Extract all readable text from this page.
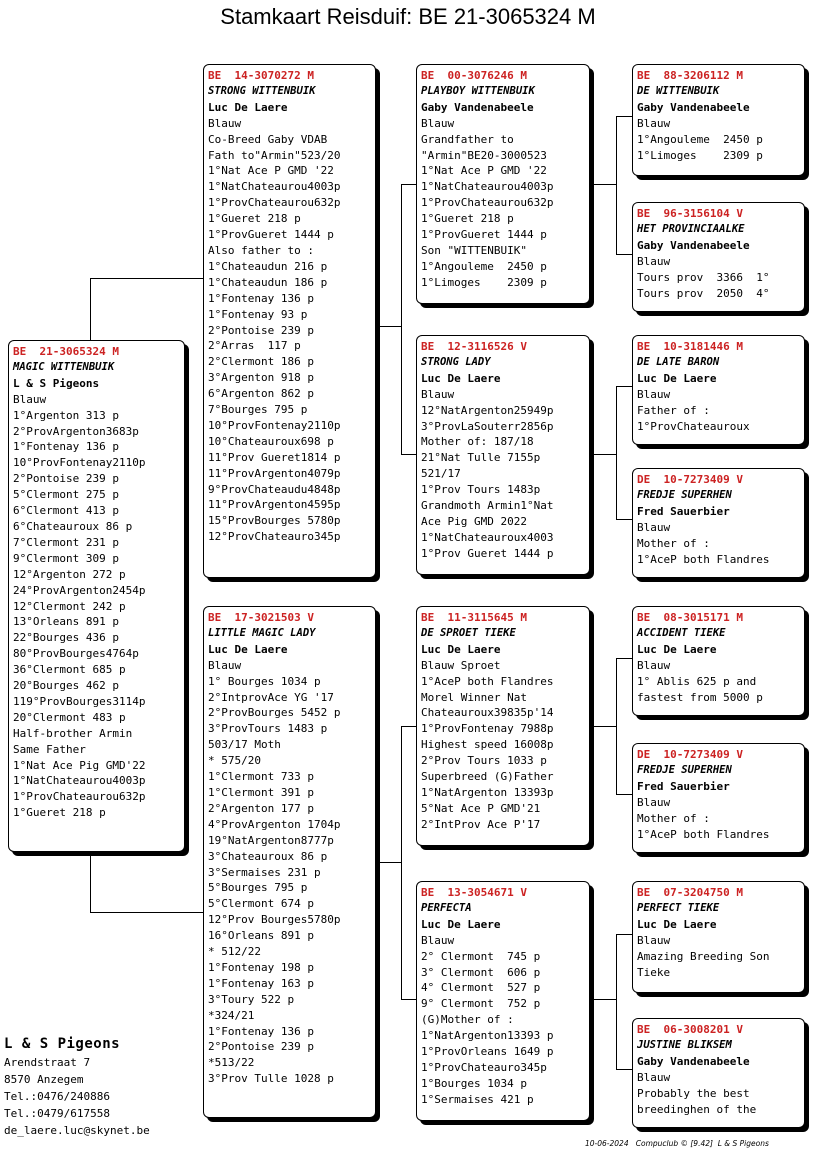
Stamkaart Reisduif: BE 21-3065324 M
BE  21-3065324 M
MAGIC WITTENBUIK
L & S Pigeons
Blauw
1°Argenton 313 p
2°ProvArgenton3683p
1°Fontenay 136 p
10°ProvFontenay2110p
2°Pontoise 239 p
5°Clermont 275 p
6°Clermont 413 p
6°Chateauroux 86 p
7°Clermont 231 p
9°Clermont 309 p
12°Argenton 272 p
24°ProvArgenton2454p
12°Clermont 242 p
13°Orleans 891 p
22°Bourges 436 p
80°ProvBourges4764p
36°Clermont 685 p
20°Bourges 462 p
119°ProvBourges3114p
20°Clermont 483 p
Half-brother Armin
Same Father
1°Nat Ace Pig GMD'22
1°NatChateaurou4003p
1°ProvChateaurou632p
1°Gueret 218 p
BE  14-3070272 M
STRONG WITTENBUIK
Luc De Laere
Blauw
Co-Breed Gaby VDAB
Fath to"Armin"523/20
1°Nat Ace P GMD '22
1°NatChateaurou4003p
1°ProvChateaurou632p
1°Gueret 218 p
1°ProvGueret 1444 p
Also father to :
1°Chateaudun 216 p
1°Chateaudun 186 p
1°Fontenay 136 p
1°Fontenay 93 p
2°Pontoise 239 p
2°Arras  117 p
2°Clermont 186 p
3°Argenton 918 p
6°Argenton 862 p
7°Bourges 795 p
10°ProvFontenay2110p
10°Chateauroux698 p
11°Prov Gueret1814 p
11°ProvArgenton4079p
9°ProvChateaudu4848p
11°ProvArgenton4595p
15°ProvBourges 5780p
12°ProvChateauro345p
BE  17-3021503 V
LITTLE MAGIC LADY
Luc De Laere
Blauw
1° Bourges 1034 p
2°IntprovAce YG '17
2°ProvBourges 5452 p
3°ProvTours 1483 p
503/17 Moth
* 575/20
1°Clermont 733 p
1°Clermont 391 p
2°Argenton 177 p
4°ProvArgenton 1704p
19°NatArgenton8777p
3°Chateauroux 86 p
3°Sermaises 231 p
5°Bourges 795 p
5°Clermont 674 p
12°Prov Bourges5780p
16°Orleans 891 p
* 512/22
1°Fontenay 198 p
1°Fontenay 163 p
3°Toury 522 p
*324/21
1°Fontenay 136 p
2°Pontoise 239 p
*513/22
3°Prov Tulle 1028 p
BE  00-3076246 M
PLAYBOY WITTENBUIK
Gaby Vandenabeele
Blauw
Grandfather to
"Armin"BE20-3000523
1°Nat Ace P GMD '22
1°NatChateaurou4003p
1°ProvChateaurou632p
1°Gueret 218 p
1°ProvGueret 1444 p
Son "WITTENBUIK"
1°Angouleme  2450 p
1°Limoges    2309 p
BE  12-3116526 V
STRONG LADY
Luc De Laere
Blauw
12°NatArgenton25949p
3°ProvLaSouterr2856p
Mother of: 187/18
21°Nat Tulle 7155p
521/17
1°Prov Tours 1483p
Grandmoth Armin1°Nat
Ace Pig GMD 2022
1°NatChateauroux4003
1°Prov Gueret 1444 p
BE  11-3115645 M
DE SPROET TIEKE
Luc De Laere
Blauw Sproet
1°AceP both Flandres
Morel Winner Nat
Chateauroux39835p'14
1°ProvFontenay 7988p
Highest speed 16008p
2°Prov Tours 1033 p
Superbreed (G)Father
1°NatArgenton 13393p
5°Nat Ace P GMD'21
2°IntProv Ace P'17
BE  13-3054671 V
PERFECTA
Luc De Laere
Blauw
2° Clermont  745 p
3° Clermont  606 p
4° Clermont  527 p
9° Clermont  752 p
(G)Mother of :
1°NatArgenton13393 p
1°ProvOrleans 1649 p
1°ProvChateauro345p
1°Bourges 1034 p
1°Sermaises 421 p
BE  88-3206112 M
DE WITTENBUIK
Gaby Vandenabeele
Blauw
1°Angouleme  2450 p
1°Limoges    2309 p
BE  96-3156104 V
HET PROVINCIAALKE
Gaby Vandenabeele
Blauw
Tours prov  3366  1°
Tours prov  2050  4°
BE  10-3181446 M
DE LATE BARON
Luc De Laere
Blauw
Father of :
1°ProvChateauroux
DE  10-7273409 V
FREDJE SUPERHEN
Fred Sauerbier
Blauw
Mother of :
1°AceP both Flandres
BE  08-3015171 M
ACCIDENT TIEKE
Luc De Laere
Blauw
1° Ablis 625 p and
fastest from 5000 p
DE  10-7273409 V
FREDJE SUPERHEN
Fred Sauerbier
Blauw
Mother of :
1°AceP both Flandres
BE  07-3204750 M
PERFECT TIEKE
Luc De Laere
Blauw
Amazing Breeding Son
Tieke
BE  06-3008201 V
JUSTINE BLIKSEM
Gaby Vandenabeele
Blauw
Probably the best
breedinghen of the
L & S Pigeons
Arendstraat 7
8570 Anzegem
Tel.:0476/240886
Tel.:0479/617558
de_laere.luc@skynet.be
10-06-2024   Compuclub © [9.42]  L & S Pigeons
